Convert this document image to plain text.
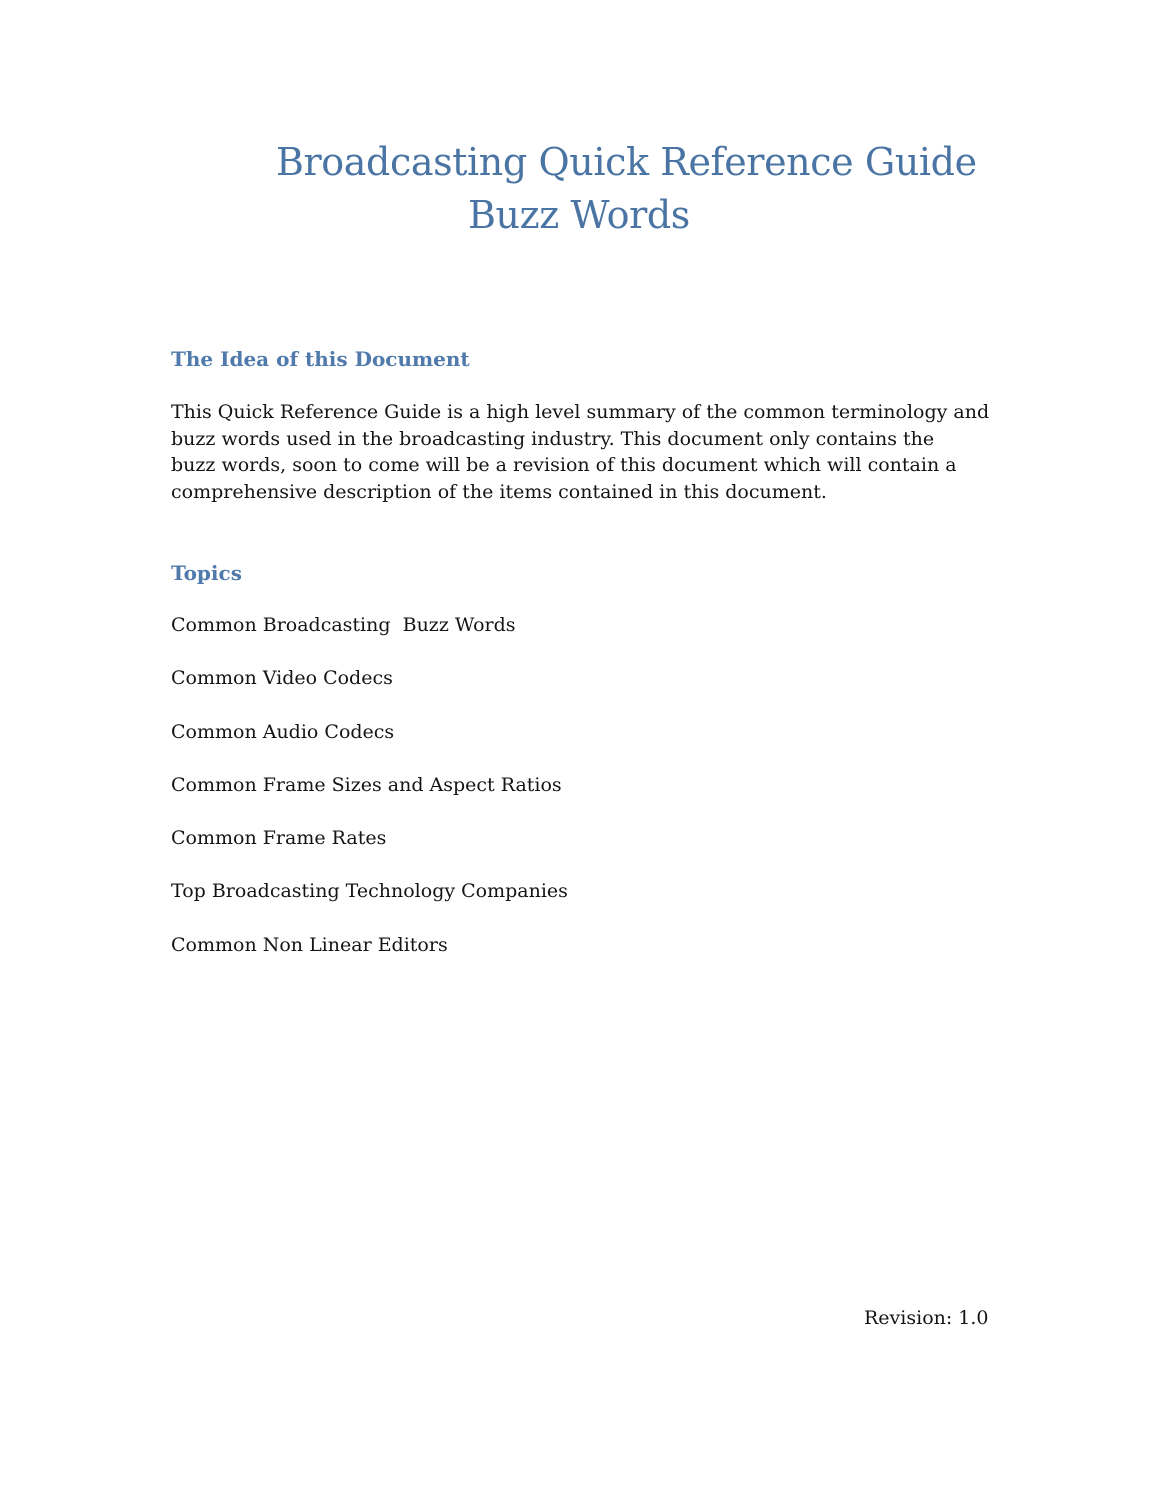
Broadcasting Quick Reference Guide
Buzz Words
The Idea of this Document
This Quick Reference Guide is a high level summary of the common terminology and
buzz words used in the broadcasting industry. This document only contains the
buzz words, soon to come will be a revision of this document which will contain a
comprehensive description of the items contained in this document.
Topics
Common Broadcasting  Buzz Words
Common Video Codecs
Common Audio Codecs
Common Frame Sizes and Aspect Ratios
Common Frame Rates
Top Broadcasting Technology Companies
Common Non Linear Editors
Revision: 1.0
